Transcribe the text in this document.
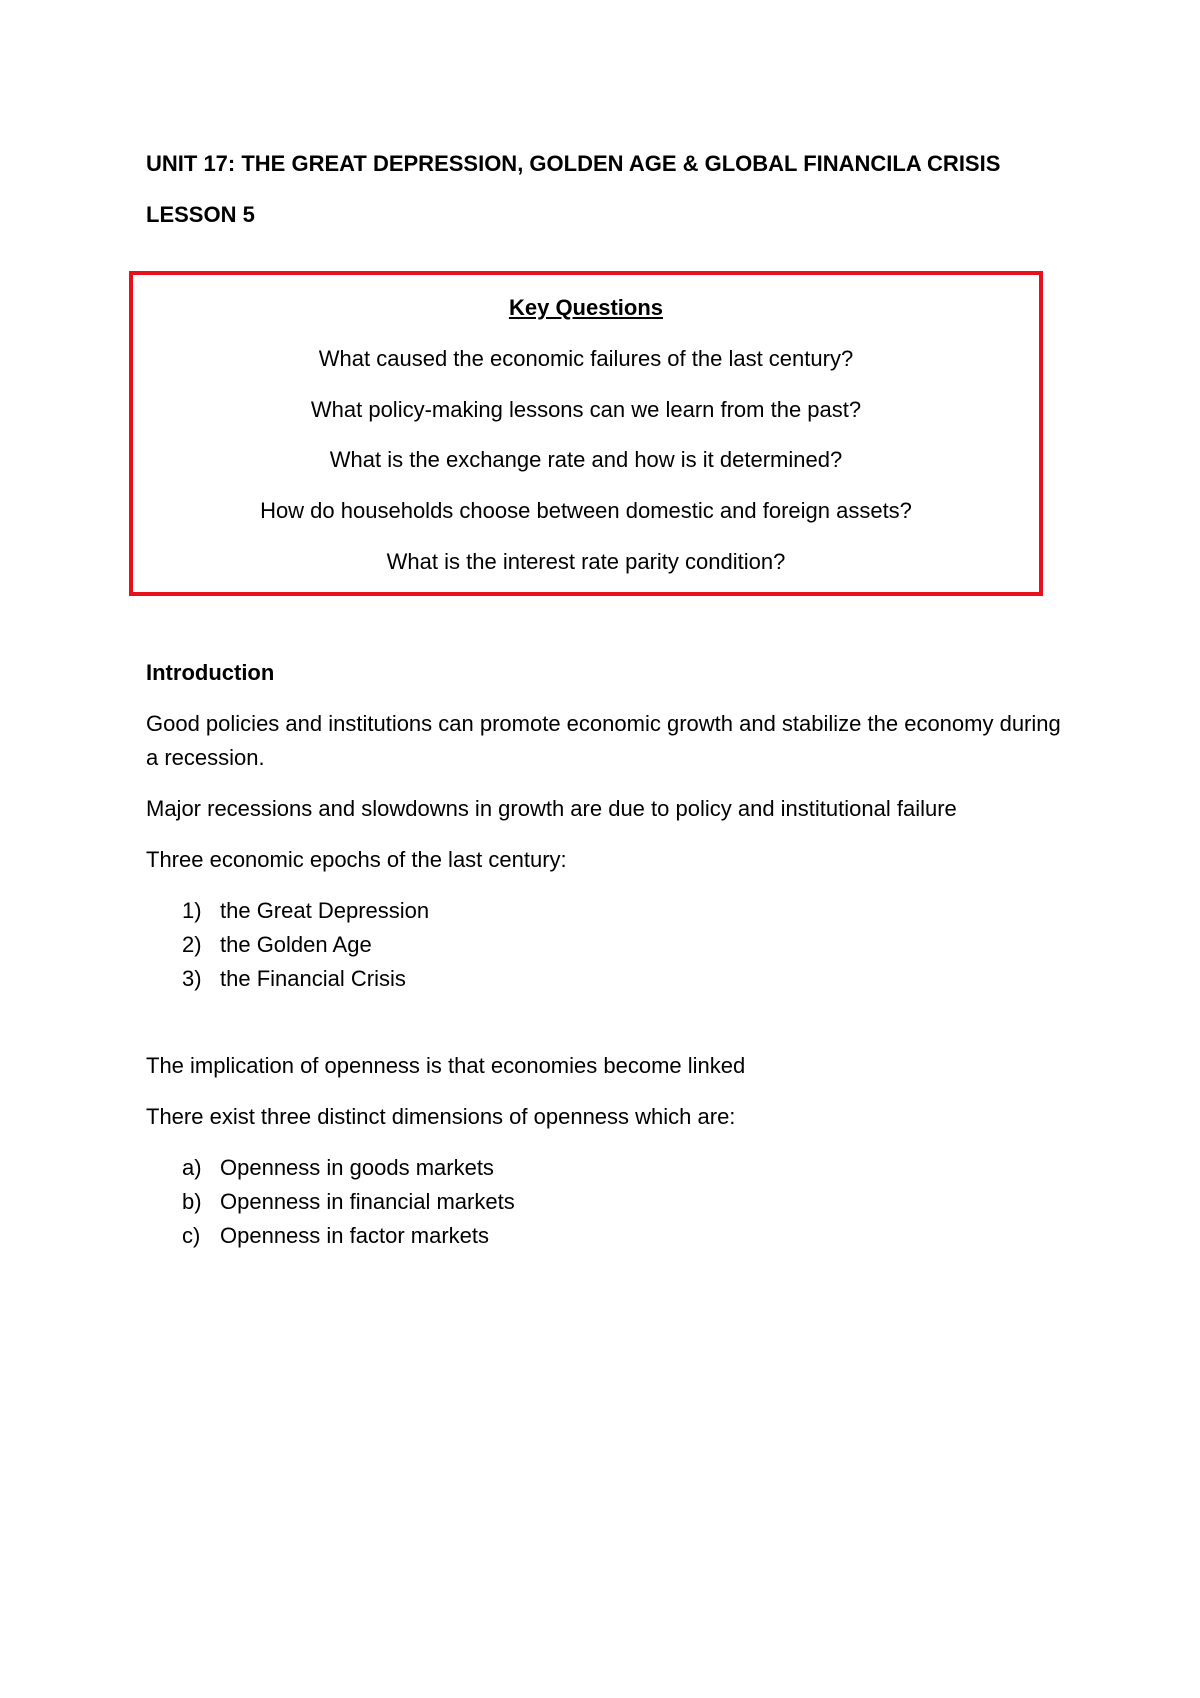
UNIT 17: THE GREAT DEPRESSION, GOLDEN AGE & GLOBAL FINANCILA CRISIS
LESSON 5
Key Questions
What caused the economic failures of the last century?
What policy-making lessons can we learn from the past?
What is the exchange rate and how is it determined?
How do households choose between domestic and foreign assets?
What is the interest rate parity condition?
Introduction
Good policies and institutions can promote economic growth and stabilize the economy during a recession.
Major recessions and slowdowns in growth are due to policy and institutional failure
Three economic epochs of the last century:
1) the Great Depression
2) the Golden Age
3) the Financial Crisis
The implication of openness is that economies become linked
There exist three distinct dimensions of openness which are:
a) Openness in goods markets
b) Openness in financial markets
c) Openness in factor markets
